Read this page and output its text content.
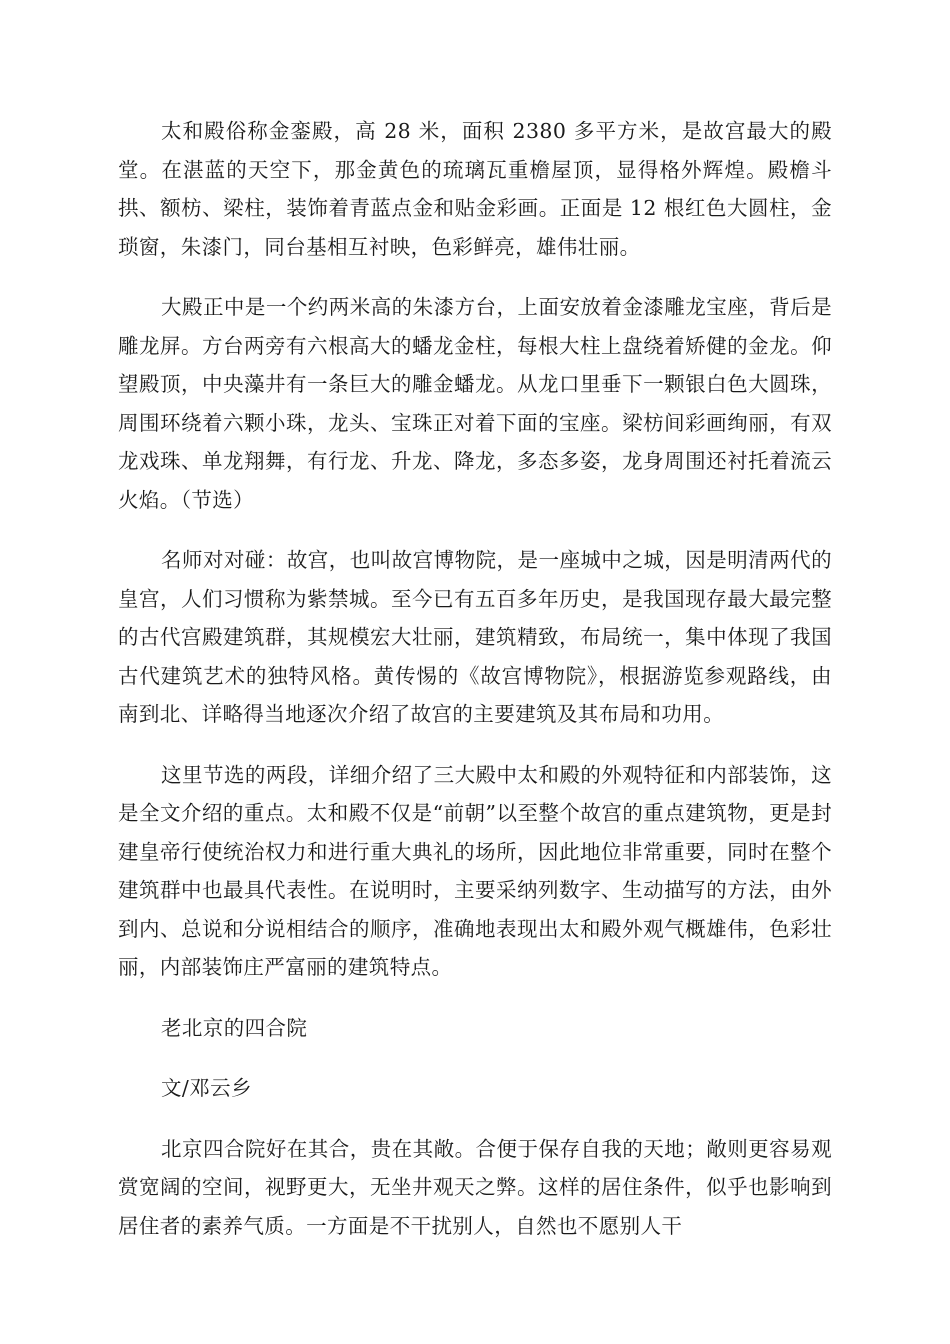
太和殿俗称金銮殿，高 28 米，面积 2380 多平方米，是故宫最大的殿堂。在湛蓝的天空下，那金黄色的琉璃瓦重檐屋顶，显得格外辉煌。殿檐斗拱、额枋、梁柱，装饰着青蓝点金和贴金彩画。正面是 12 根红色大圆柱，金琐窗，朱漆门，同台基相互衬映，色彩鲜亮，雄伟壮丽。

大殿正中是一个约两米高的朱漆方台，上面安放着金漆雕龙宝座，背后是雕龙屏。方台两旁有六根高大的蟠龙金柱，每根大柱上盘绕着矫健的金龙。仰望殿顶，中央藻井有一条巨大的雕金蟠龙。从龙口里垂下一颗银白色大圆珠，周围环绕着六颗小珠，龙头、宝珠正对着下面的宝座。梁枋间彩画绚丽，有双龙戏珠、单龙翔舞，有行龙、升龙、降龙，多态多姿，龙身周围还衬托着流云火焰。（节选）

名师对对碰：故宫，也叫故宫博物院，是一座城中之城，因是明清两代的皇宫，人们习惯称为紫禁城。至今已有五百多年历史，是我国现存最大最完整的古代宫殿建筑群，其规模宏大壮丽，建筑精致，布局统一，集中体现了我国古代建筑艺术的独特风格。黄传惕的《故宫博物院》，根据游览参观路线，由南到北、详略得当地逐次介绍了故宫的主要建筑及其布局和功用。

这里节选的两段，详细介绍了三大殿中太和殿的外观特征和内部装饰，这是全文介绍的重点。太和殿不仅是“前朝”以至整个故宫的重点建筑物，更是封建皇帝行使统治权力和进行重大典礼的场所，因此地位非常重要，同时在整个建筑群中也最具代表性。在说明时，主要采纳列数字、生动描写的方法，由外到内、总说和分说相结合的顺序，准确地表现出太和殿外观气概雄伟，色彩壮丽，内部装饰庄严富丽的建筑特点。

老北京的四合院

文/邓云乡

北京四合院好在其合，贵在其敞。合便于保存自我的天地；敞则更容易观赏宽阔的空间，视野更大，无坐井观天之弊。这样的居住条件，似乎也影响到居住者的素养气质。一方面是不干扰别人，自然也不愿别人干
